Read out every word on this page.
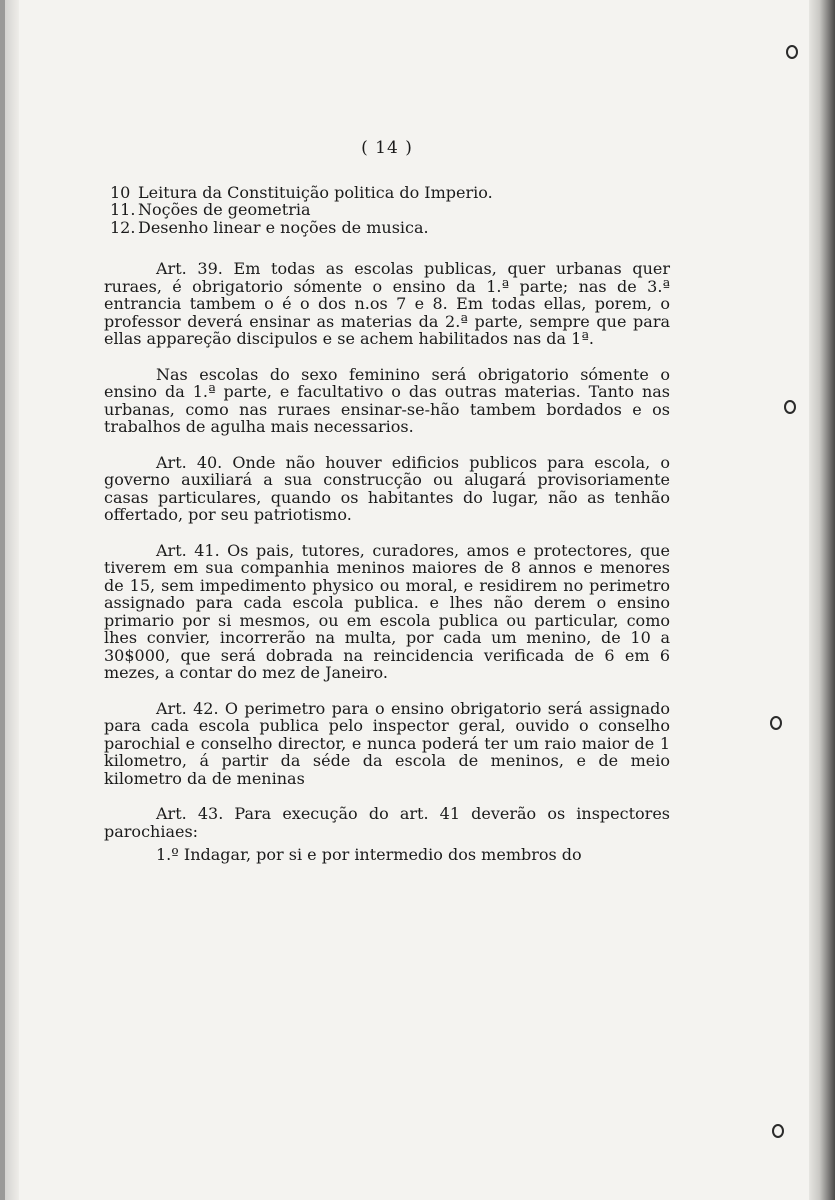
( 14 )
10 Leitura da Constituição politica do Imperio.
11. Noções de geometria
12. Desenho linear e noções de musica.

Art. 39. Em todas as escolas publicas, quer urbanas quer ruraes, é obrigatorio sómente o ensino da 1.ª parte; nas de 3.ª entrancia tambem o é o dos n.os 7 e 8. Em todas ellas, porem, o professor deverá ensinar as materias da 2.ª parte, sempre que para ellas appareção discipulos e se achem habilitados nas da 1ª.

Nas escolas do sexo feminino será obrigatorio sómente o ensino da 1.ª parte, e facultativo o das outras materias. Tanto nas urbanas, como nas ruraes ensinar-se-hão tambem bordados e os trabalhos de agulha mais necessarios.

Art. 40. Onde não houver edificios publicos para escola, o governo auxiliará a sua construcção ou alugará provisoriamente casas particulares, quando os habitantes do lugar, não as tenhão offertado, por seu patriotismo.

Art. 41. Os pais, tutores, curadores, amos e protectores, que tiverem em sua companhia meninos maiores de 8 annos e menores de 15, sem impedimento physico ou moral, e residirem no perimetro assignado para cada escola publica. e lhes não derem o ensino primario por si mesmos, ou em escola publica ou particular, como lhes convier, incorrerão na multa, por cada um menino, de 10 a 30$000, que será dobrada na reincidencia verificada de 6 em 6 mezes, a contar do mez de Janeiro.

Art. 42. O perimetro para o ensino obrigatorio será assignado para cada escola publica pelo inspector geral, ouvido o conselho parochial e conselho director, e nunca poderá ter um raio maior de 1 kilometro, á partir da séde da escola de meninos, e de meio kilometro da de meninas

Art. 43. Para execução do art. 41 deverão os inspectores parochiaes:

1.º Indagar, por si e por intermedio dos membros do
